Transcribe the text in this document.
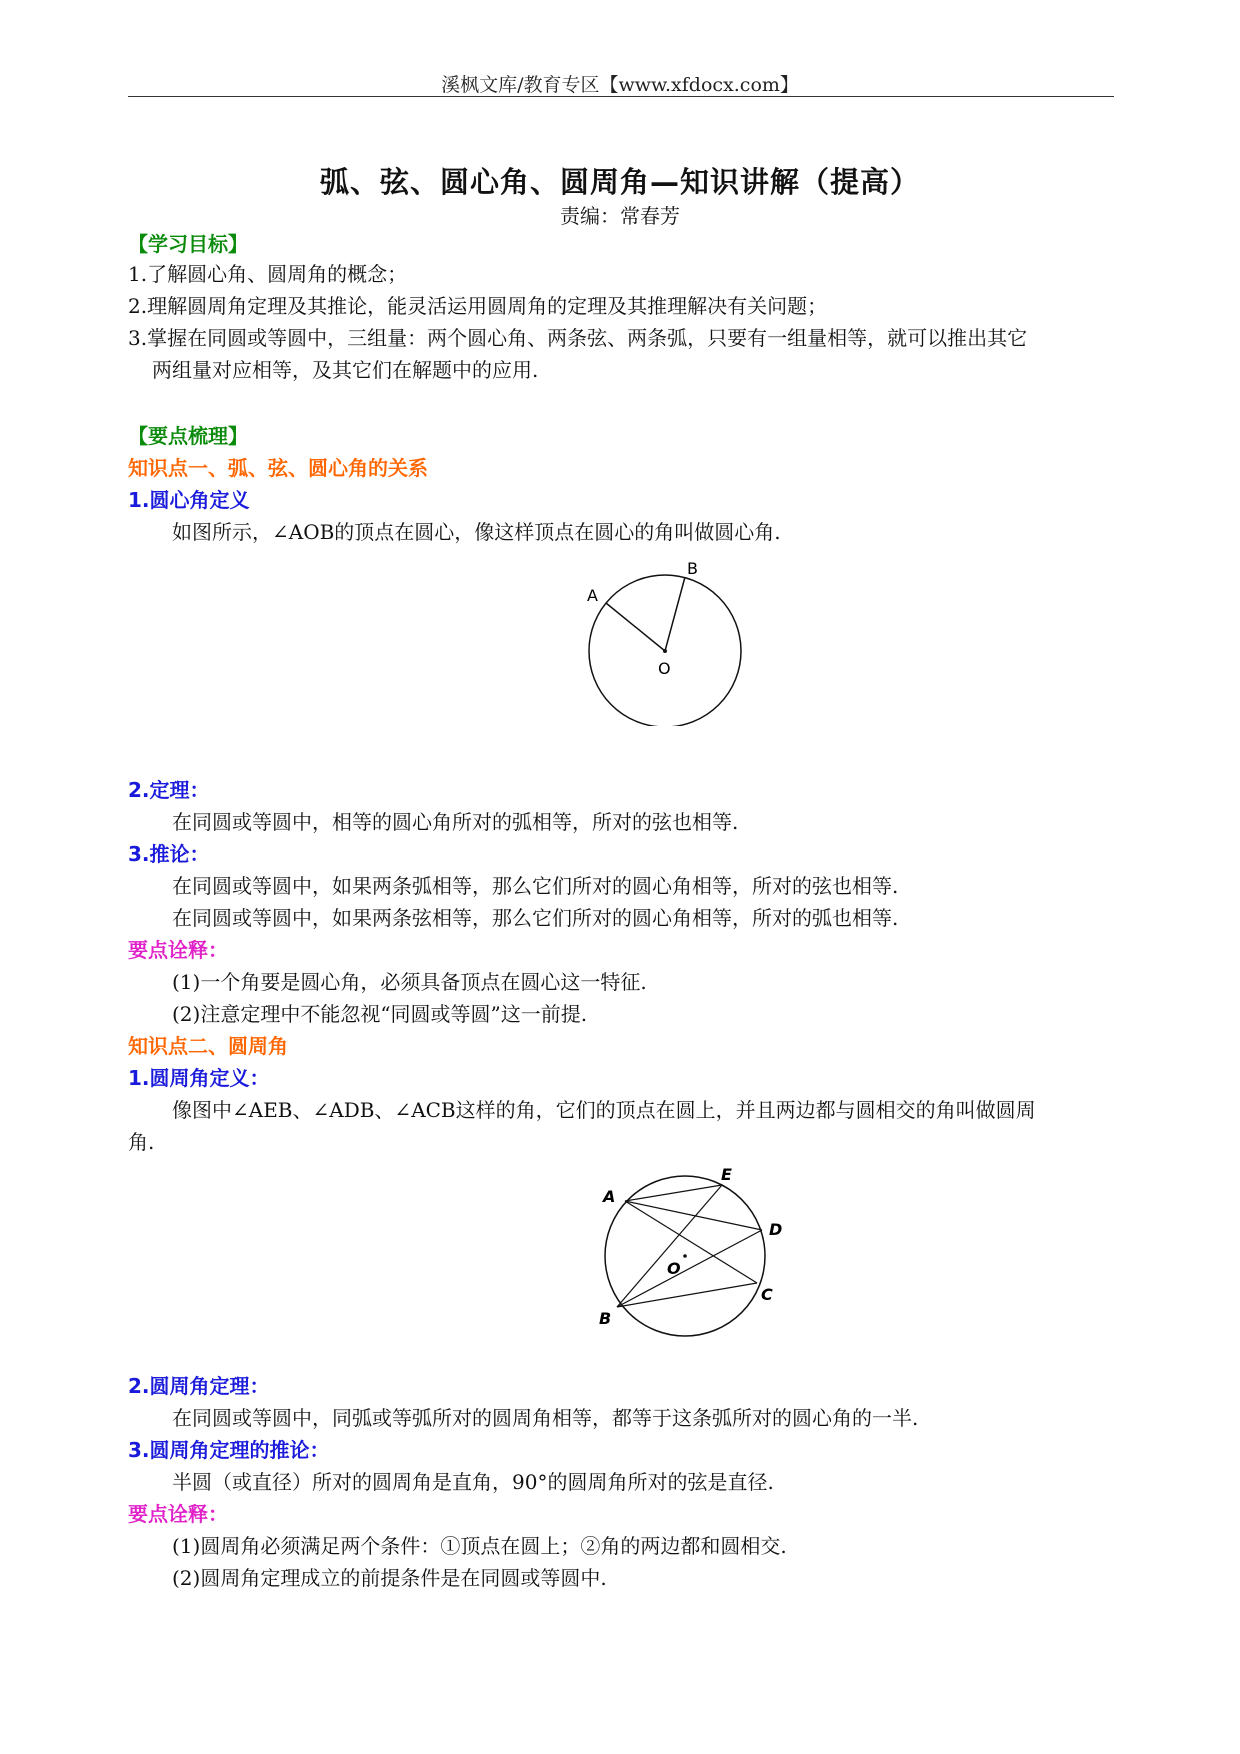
溪枫文库/教育专区【www.xfdocx.com】
弧、弦、圆心角、圆周角—知识讲解（提高）
责编：常春芳
【学习目标】
1.了解圆心角、圆周角的概念；
2.理解圆周角定理及其推论，能灵活运用圆周角的定理及其推理解决有关问题；
3.掌握在同圆或等圆中，三组量：两个圆心角、两条弦、两条弧，只要有一组量相等，就可以推出其它
两组量对应相等，及其它们在解题中的应用.
【要点梳理】
知识点一、弧、弦、圆心角的关系
1.圆心角定义
如图所示，∠AOB的顶点在圆心，像这样顶点在圆心的角叫做圆心角.
A
B
O
2.定理：
在同圆或等圆中，相等的圆心角所对的弧相等，所对的弦也相等.
3.推论：
在同圆或等圆中，如果两条弧相等，那么它们所对的圆心角相等，所对的弦也相等.
在同圆或等圆中，如果两条弦相等，那么它们所对的圆心角相等，所对的弧也相等.
要点诠释：
(1)一个角要是圆心角，必须具备顶点在圆心这一特征.
(2)注意定理中不能忽视“同圆或等圆”这一前提.
知识点二、圆周角
1.圆周角定义：
像图中∠AEB、∠ADB、∠ACB这样的角，它们的顶点在圆上，并且两边都与圆相交的角叫做圆周
角.
A
E
D
C
B
O
2.圆周角定理：
在同圆或等圆中，同弧或等弧所对的圆周角相等，都等于这条弧所对的圆心角的一半.
3.圆周角定理的推论：
半圆（或直径）所对的圆周角是直角，90°的圆周角所对的弦是直径.
要点诠释：
(1)圆周角必须满足两个条件：①顶点在圆上；②角的两边都和圆相交.
(2)圆周角定理成立的前提条件是在同圆或等圆中.
